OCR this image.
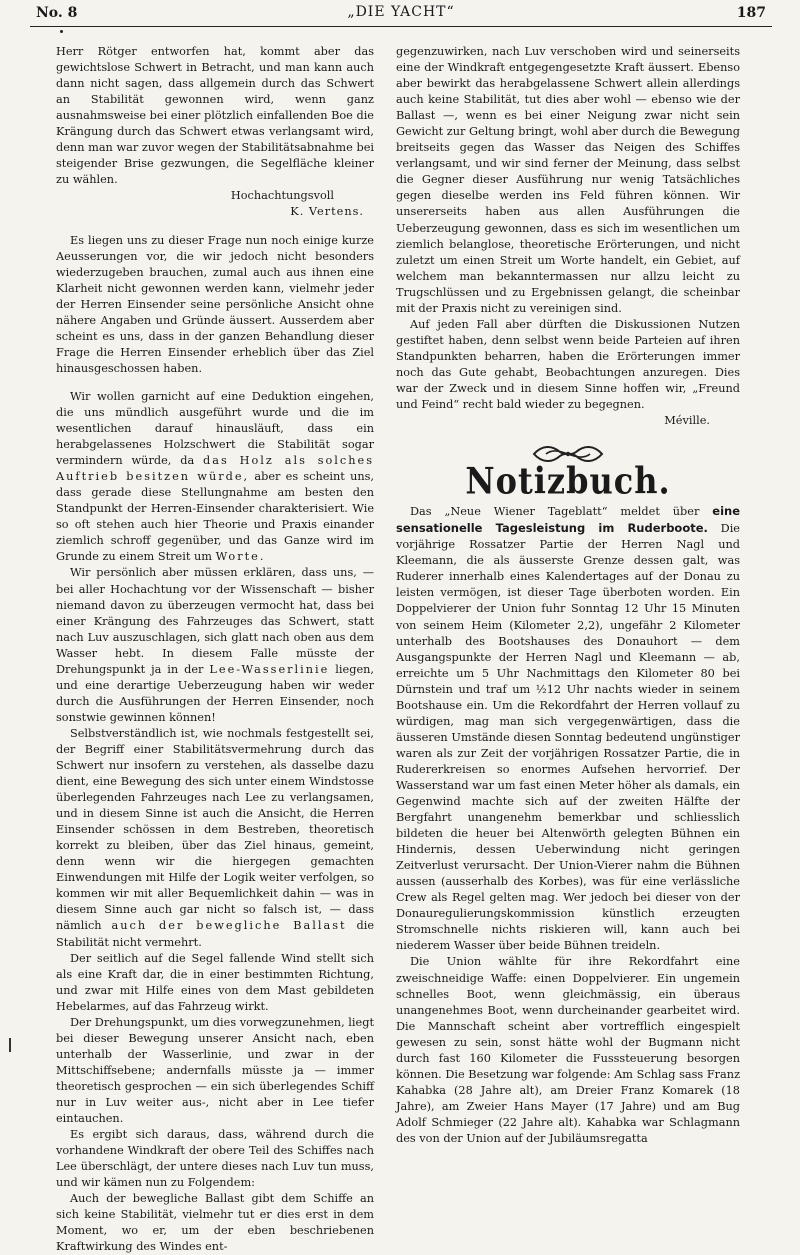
No. 8	„DIE YACHT“	187

Herr Rötger entworfen hat, kommt aber das gewichtslose Schwert in Betracht, und man kann auch dann nicht sagen, dass allgemein durch das Schwert an Stabilität gewonnen wird, wenn ganz ausnahmsweise bei einer plötzlich einfallenden Boe die Krängung durch das Schwert etwas verlangsamt wird, denn man war zuvor wegen der Stabilitätsabnahme bei steigender Brise gezwungen, die Segelfläche kleiner zu wählen.

Hochachtungsvoll

K. Vertens.

Es liegen uns zu dieser Frage nun noch einige kurze Aeusserungen vor, die wir jedoch nicht besonders wiederzugeben brauchen, zumal auch aus ihnen eine Klarheit nicht gewonnen werden kann, vielmehr jeder der Herren Einsender seine persönliche Ansicht ohne nähere Angaben und Gründe äussert. Ausserdem aber scheint es uns, dass in der ganzen Behandlung dieser Frage die Herren Einsender erheblich über das Ziel hinausgeschossen haben.

Wir wollen garnicht auf eine Deduktion eingehen, die uns mündlich ausgeführt wurde und die im wesentlichen darauf hinausläuft, dass ein herabgelassenes Holzschwert die Stabilität sogar vermindern würde, da das Holz als solches Auftrieb besitzen würde, aber es scheint uns, dass gerade diese Stellungnahme am besten den Standpunkt der Herren-Einsender charakterisiert. Wie so oft stehen auch hier Theorie und Praxis einander ziemlich schroff gegenüber, und das Ganze wird im Grunde zu einem Streit um Worte.

Wir persönlich aber müssen erklären, dass uns, — bei aller Hochachtung vor der Wissenschaft — bisher niemand davon zu überzeugen vermocht hat, dass bei einer Krängung des Fahrzeuges das Schwert, statt nach Luv auszuschlagen, sich glatt nach oben aus dem Wasser hebt. In diesem Falle müsste der Drehungspunkt ja in der Lee-Wasserlinie liegen, und eine derartige Ueberzeugung haben wir weder durch die Ausführungen der Herren Einsender, noch sonstwie gewinnen können!

Selbstverständlich ist, wie nochmals festgestellt sei, der Begriff einer Stabilitätsvermehrung durch das Schwert nur insofern zu verstehen, als dasselbe dazu dient, eine Bewegung des sich unter einem Windstosse überlegenden Fahrzeuges nach Lee zu verlangsamen, und in diesem Sinne ist auch die Ansicht, die Herren Einsender schössen in dem Bestreben, theoretisch korrekt zu bleiben, über das Ziel hinaus, gemeint, denn wenn wir die hiergegen gemachten Einwendungen mit Hilfe der Logik weiter verfolgen, so kommen wir mit aller Bequemlichkeit dahin — was in diesem Sinne auch gar nicht so falsch ist, — dass nämlich auch der bewegliche Ballast die Stabilität nicht vermehrt.

Der seitlich auf die Segel fallende Wind stellt sich als eine Kraft dar, die in einer bestimmten Richtung, und zwar mit Hilfe eines von dem Mast gebildeten Hebelarmes, auf das Fahrzeug wirkt.

Der Drehungspunkt, um dies vorwegzunehmen, liegt bei dieser Bewegung unserer Ansicht nach, eben unterhalb der Wasserlinie, und zwar in der Mittschiffsebene; andernfalls müsste ja — immer theoretisch gesprochen — ein sich überlegendes Schiff nur in Luv weiter aus-, nicht aber in Lee tiefer eintauchen.

Es ergibt sich daraus, dass, während durch die vorhandene Windkraft der obere Teil des Schiffes nach Lee überschlägt, der untere dieses nach Luv tun muss, und wir kämen nun zu Folgendem:

Auch der bewegliche Ballast gibt dem Schiffe an sich keine Stabilität, vielmehr tut er dies erst in dem Moment, wo er, um der eben beschriebenen Kraftwirkung des Windes ent-

gegenzuwirken, nach Luv verschoben wird und seinerseits eine der Windkraft entgegengesetzte Kraft äussert. Ebenso aber bewirkt das herabgelassene Schwert allein allerdings auch keine Stabilität, tut dies aber wohl — ebenso wie der Ballast —, wenn es bei einer Neigung zwar nicht sein Gewicht zur Geltung bringt, wohl aber durch die Bewegung breitseits gegen das Wasser das Neigen des Schiffes verlangsamt, und wir sind ferner der Meinung, dass selbst die Gegner dieser Ausführung nur wenig Tatsächliches gegen dieselbe werden ins Feld führen können. Wir unsererseits haben aus allen Ausführungen die Ueberzeugung gewonnen, dass es sich im wesentlichen um ziemlich belanglose, theoretische Erörterungen, und nicht zuletzt um einen Streit um Worte handelt, ein Gebiet, auf welchem man bekanntermassen nur allzu leicht zu Trugschlüssen und zu Ergebnissen gelangt, die scheinbar mit der Praxis nicht zu vereinigen sind.

Auf jeden Fall aber dürften die Diskussionen Nutzen gestiftet haben, denn selbst wenn beide Parteien auf ihren Standpunkten beharren, haben die Erörterungen immer noch das Gute gehabt, Beobachtungen anzuregen. Dies war der Zweck und in diesem Sinne hoffen wir, „Freund und Feind“ recht bald wieder zu begegnen.

Méville.

Notizbuch.

Das „Neue Wiener Tageblatt“ meldet über eine sensationelle Tagesleistung im Ruderboote. Die vorjährige Rossatzer Partie der Herren Nagl und Kleemann, die als äusserste Grenze dessen galt, was Ruderer innerhalb eines Kalendertages auf der Donau zu leisten vermögen, ist dieser Tage überboten worden. Ein Doppelvierer der Union fuhr Sonntag 12 Uhr 15 Minuten von seinem Heim (Kilometer 2,2), ungefähr 2 Kilometer unterhalb des Bootshauses des Donauhort — dem Ausgangspunkte der Herren Nagl und Kleemann — ab, erreichte um 5 Uhr Nachmittags den Kilometer 80 bei Dürnstein und traf um ½12 Uhr nachts wieder in seinem Bootshause ein. Um die Rekordfahrt der Herren vollauf zu würdigen, mag man sich vergegenwärtigen, dass die äusseren Umstände diesen Sonntag bedeutend ungünstiger waren als zur Zeit der vorjährigen Rossatzer Partie, die in Rudererkreisen so enormes Aufsehen hervorrief. Der Wasserstand war um fast einen Meter höher als damals, ein Gegenwind machte sich auf der zweiten Hälfte der Bergfahrt unangenehm bemerkbar und schliesslich bildeten die heuer bei Altenwörth gelegten Bühnen ein Hindernis, dessen Ueberwindung nicht geringen Zeitverlust verursacht. Der Union-Vierer nahm die Bühnen aussen (ausserhalb des Korbes), was für eine verlässliche Crew als Regel gelten mag. Wer jedoch bei dieser von der Donauregulierungskommission künstlich erzeugten Stromschnelle nichts riskieren will, kann auch bei niederem Wasser über beide Bühnen treideln.

Die Union wählte für ihre Rekordfahrt eine zweischneidige Waffe: einen Doppelvierer. Ein ungemein schnelles Boot, wenn gleichmässig, ein überaus unangenehmes Boot, wenn durcheinander gearbeitet wird. Die Mannschaft scheint aber vortrefflich eingespielt gewesen zu sein, sonst hätte wohl der Bugmann nicht durch fast 160 Kilometer die Fusssteuerung besorgen können. Die Besetzung war folgende: Am Schlag sass Franz Kahabka (28 Jahre alt), am Dreier Franz Komarek (18 Jahre), am Zweier Hans Mayer (17 Jahre) und am Bug Adolf Schmieger (22 Jahre alt). Kahabka war Schlagmann des von der Union auf der Jubiläumsregatta
